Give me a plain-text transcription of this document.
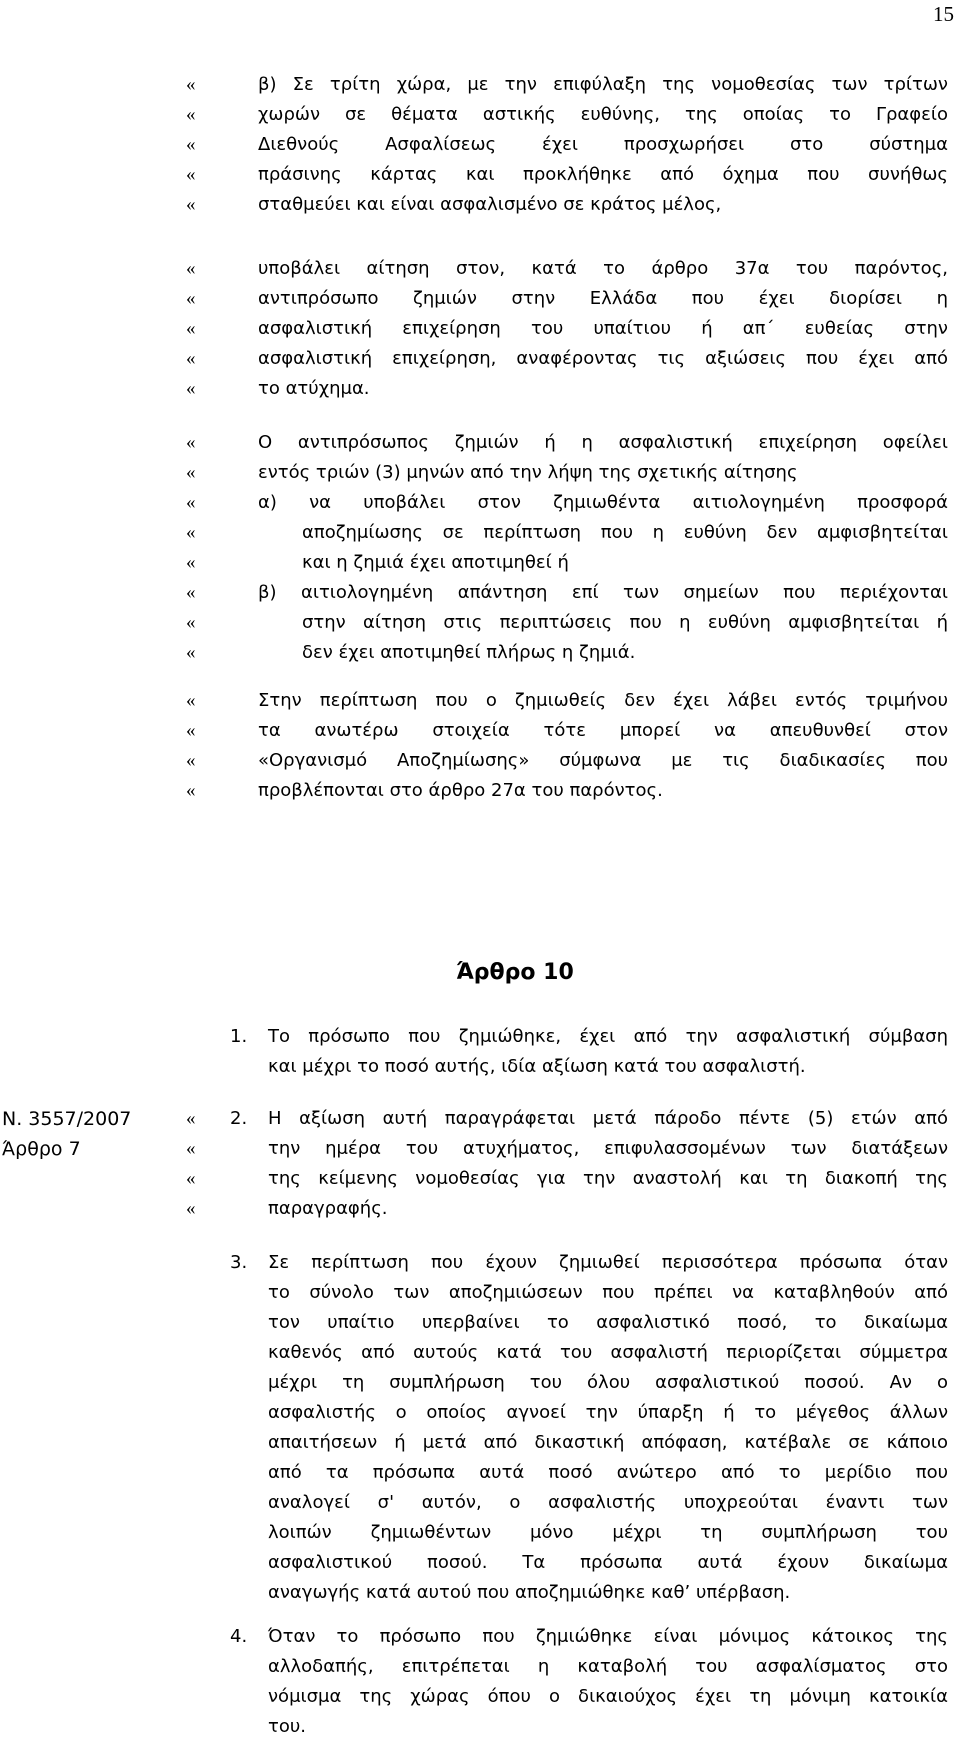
15
«	β) Σε τρίτη χώρα, με την επιφύλαξη της νομοθεσίας των τρίτων
«	χωρών σε θέματα αστικής ευθύνης, της οποίας το Γραφείο
«	Διεθνούς Ασφαλίσεως έχει προσχωρήσει στο σύστημα
«	πράσινης κάρτας και προκλήθηκε από όχημα που συνήθως
«	σταθμεύει και είναι ασφαλισμένο σε κράτος μέλος,
«	υποβάλει αίτηση στον, κατά το άρθρο 37α του παρόντος,
«	αντιπρόσωπο ζημιών στην Ελλάδα που έχει διορίσει η
«	ασφαλιστική επιχείρηση του υπαίτιου ή απ΄ ευθείας στην
«	ασφαλιστική επιχείρηση, αναφέροντας τις αξιώσεις που έχει από
«	το ατύχημα.
«	Ο αντιπρόσωπος ζημιών ή η ασφαλιστική επιχείρηση οφείλει
«	εντός τριών (3) μηνών από την λήψη της σχετικής αίτησης
«	α) να υποβάλει στον ζημιωθέντα αιτιολογημένη προσφορά
«	αποζημίωσης σε περίπτωση που η ευθύνη δεν αμφισβητείται
«	και η ζημιά έχει αποτιμηθεί ή
«	β) αιτιολογημένη απάντηση επί των σημείων που περιέχονται
«	στην αίτηση στις περιπτώσεις που η ευθύνη αμφισβητείται ή
«	δεν έχει αποτιμηθεί πλήρως η ζημιά.
«	Στην περίπτωση που ο ζημιωθείς δεν έχει λάβει εντός τριμήνου
«	τα ανωτέρω στοιχεία τότε μπορεί να απευθυνθεί στον
«	«Οργανισμό Αποζημίωσης» σύμφωνα με τις διαδικασίες που
«	προβλέπονται στο άρθρο 27α του παρόντος.
Άρθρο 10
1. Το πρόσωπο που ζημιώθηκε, έχει από την ασφαλιστική σύμβαση
και μέχρι το ποσό αυτής, ιδία αξίωση κατά του ασφαλιστή.
Ν. 3557/2007
Άρθρο 7
«	2. Η αξίωση αυτή παραγράφεται μετά πάροδο πέντε (5) ετών από
«	την ημέρα του ατυχήματος, επιφυλασσομένων των διατάξεων
«	της κείμενης νομοθεσίας για την αναστολή και τη διακοπή της
«	παραγραφής.
3. Σε περίπτωση που έχουν ζημιωθεί περισσότερα πρόσωπα όταν
το σύνολο των αποζημιώσεων που πρέπει να καταβληθούν από
τον υπαίτιο υπερβαίνει το ασφαλιστικό ποσό, το δικαίωμα
καθενός από αυτούς κατά του ασφαλιστή περιορίζεται σύμμετρα
μέχρι τη συμπλήρωση του όλου ασφαλιστικού ποσού. Αν ο
ασφαλιστής ο οποίος αγνοεί την ύπαρξη ή το μέγεθος άλλων
απαιτήσεων ή μετά από δικαστική απόφαση, κατέβαλε σε κάποιο
από τα πρόσωπα αυτά ποσό ανώτερο από το μερίδιο που
αναλογεί σ' αυτόν, ο ασφαλιστής υποχρεούται έναντι των
λοιπών ζημιωθέντων μόνο μέχρι τη συμπλήρωση του
ασφαλιστικού ποσού. Τα πρόσωπα αυτά έχουν δικαίωμα
αναγωγής κατά αυτού που αποζημιώθηκε καθ’ υπέρβαση.
4. Όταν το πρόσωπο που ζημιώθηκε είναι μόνιμος κάτοικος της
αλλοδαπής, επιτρέπεται η καταβολή του ασφαλίσματος στο
νόμισμα της χώρας όπου ο δικαιούχος έχει τη μόνιμη κατοικία
του.
